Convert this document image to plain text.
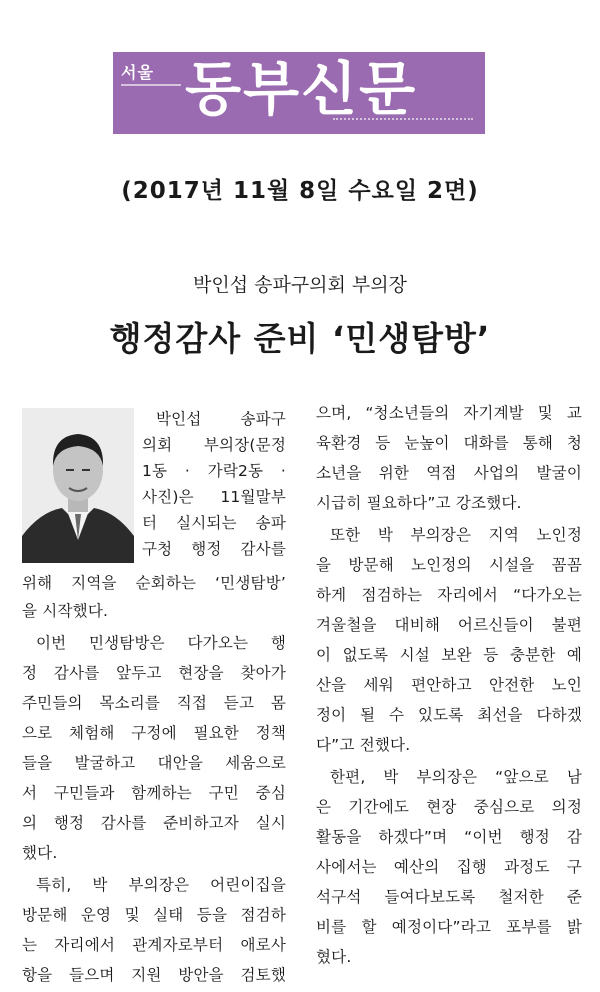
서울 동부신문
(2017년 11월 8일 수요일 2면)
박인섭 송파구의회 부의장
행정감사 준비 ‘민생탐방’
박인섭 송파구
의회 부의장(문정
1동 · 가락2동 ·
사진)은 11월말부
터 실시되는 송파
구청 행정 감사를
위해 지역을 순회하는 ‘민생탐방’
을 시작했다.
이번 민생탐방은 다가오는 행
정 감사를 앞두고 현장을 찾아가
주민들의 목소리를 직접 듣고 몸
으로 체험해 구정에 필요한 정책
들을 발굴하고 대안을 세움으로
서 구민들과 함께하는 구민 중심
의 행정 감사를 준비하고자 실시
했다.
특히, 박 부의장은 어린이집을
방문해 운영 및 실태 등을 점검하
는 자리에서 관계자로부터 애로사
항을 들으며 지원 방안을 검토했
으며, “청소년들의 자기계발 및 교
육환경 등 눈높이 대화를 통해 청
소년을 위한 역점 사업의 발굴이
시급히 필요하다”고 강조했다.
또한 박 부의장은 지역 노인정
을 방문해 노인정의 시설을 꼼꼼
하게 점검하는 자리에서 “다가오는
겨울철을 대비해 어르신들이 불편
이 없도록 시설 보완 등 충분한 예
산을 세워 편안하고 안전한 노인
정이 될 수 있도록 최선을 다하겠
다”고 전했다.
한편, 박 부의장은 “앞으로 남
은 기간에도 현장 중심으로 의정
활동을 하겠다”며 “이번 행정 감
사에서는 예산의 집행 과정도 구
석구석 들여다보도록 철저한 준
비를 할 예정이다”라고 포부를 밝
혔다.
